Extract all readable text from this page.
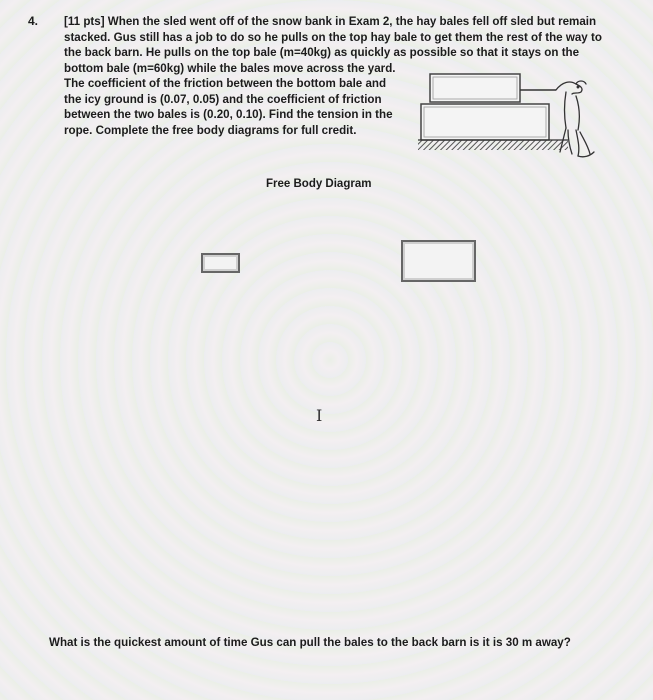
4. [11 pts] When the sled went off of the snow bank in Exam 2, the hay bales fell off sled but remain
stacked. Gus still has a job to do so he pulls on the top hay bale to get them the rest of the way to
the back barn. He pulls on the top bale (m=40kg) as quickly as possible so that it stays on the
bottom bale (m=60kg) while the bales move across the yard.
The coefficient of the friction between the bottom bale and
the icy ground is (0.07, 0.05) and the coefficient of friction
between the two bales is (0.20, 0.10). Find the tension in the
rope. Complete the free body diagrams for full credit.

Free Body Diagram
I
What is the quickest amount of time Gus can pull the bales to the back barn is it is 30 m away?
